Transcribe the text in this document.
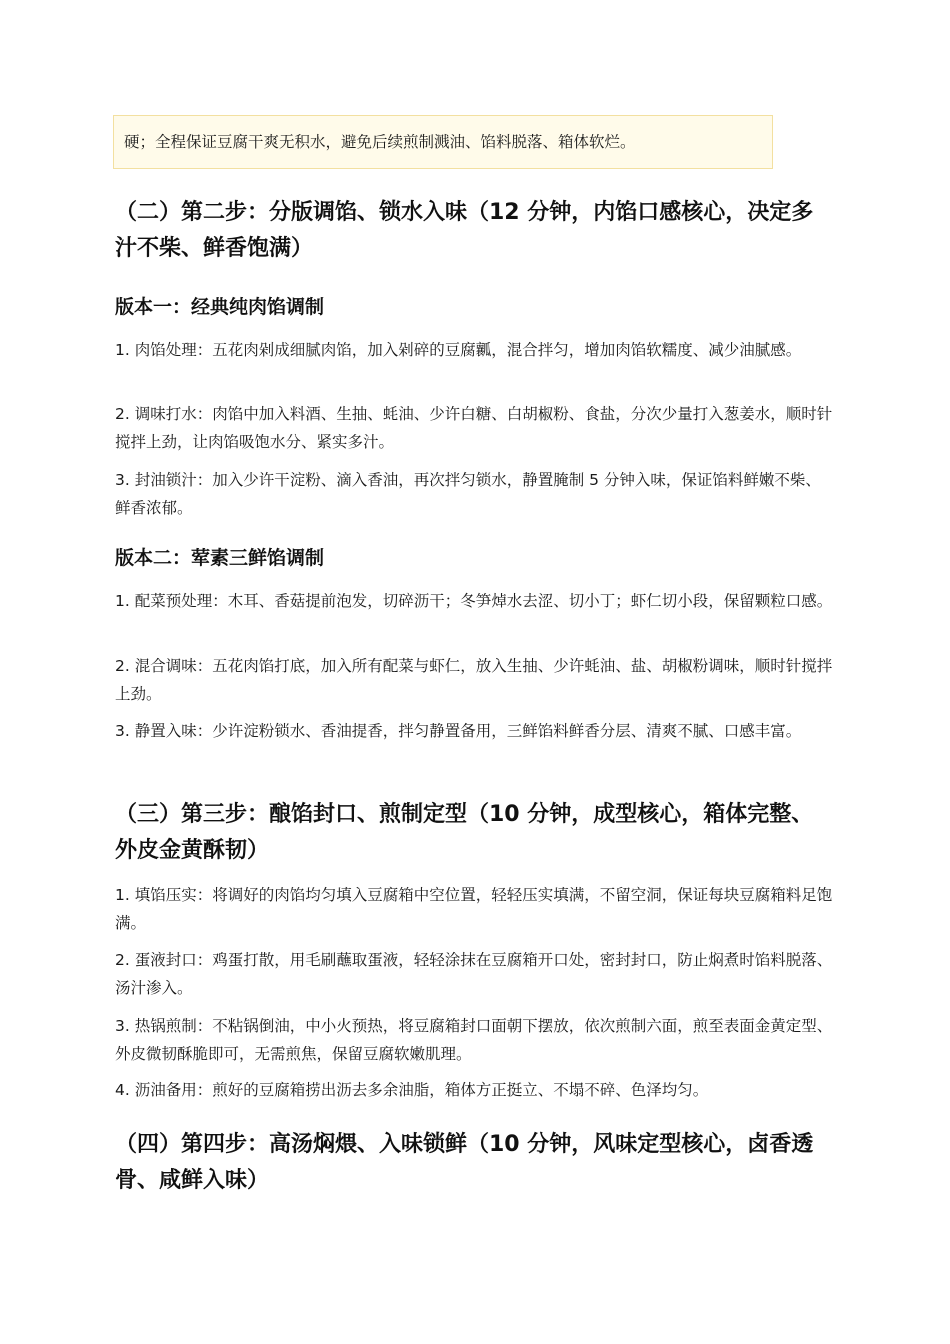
硬；全程保证豆腐干爽无积水，避免后续煎制溅油、馅料脱落、箱体软烂。
（二）第二步：分版调馅、锁水入味（12 分钟，内馅口感核心，决定多汁不柴、鲜香饱满）
版本一：经典纯肉馅调制

1. 肉馅处理：五花肉剁成细腻肉馅，加入剁碎的豆腐瓤，混合拌匀，增加肉馅软糯度、减少油腻感。

2. 调味打水：肉馅中加入料酒、生抽、蚝油、少许白糖、白胡椒粉、食盐，分次少量打入葱姜水，顺时针搅拌上劲，让肉馅吸饱水分、紧实多汁。

3. 封油锁汁：加入少许干淀粉、滴入香油，再次拌匀锁水，静置腌制 5 分钟入味，保证馅料鲜嫩不柴、鲜香浓郁。

版本二：荤素三鲜馅调制

1. 配菜预处理：木耳、香菇提前泡发，切碎沥干；冬笋焯水去涩、切小丁；虾仁切小段，保留颗粒口感。

2. 混合调味：五花肉馅打底，加入所有配菜与虾仁，放入生抽、少许蚝油、盐、胡椒粉调味，顺时针搅拌上劲。

3. 静置入味：少许淀粉锁水、香油提香，拌匀静置备用，三鲜馅料鲜香分层、清爽不腻、口感丰富。

（三）第三步：酿馅封口、煎制定型（10 分钟，成型核心，箱体完整、外皮金黄酥韧）

1. 填馅压实：将调好的肉馅均匀填入豆腐箱中空位置，轻轻压实填满，不留空洞，保证每块豆腐箱料足饱满。

2. 蛋液封口：鸡蛋打散，用毛刷蘸取蛋液，轻轻涂抹在豆腐箱开口处，密封封口，防止焖煮时馅料脱落、汤汁渗入。

3. 热锅煎制：不粘锅倒油，中小火预热，将豆腐箱封口面朝下摆放，依次煎制六面，煎至表面金黄定型、外皮微韧酥脆即可，无需煎焦，保留豆腐软嫩肌理。

4. 沥油备用：煎好的豆腐箱捞出沥去多余油脂，箱体方正挺立、不塌不碎、色泽均匀。

（四）第四步：高汤焖煨、入味锁鲜（10 分钟，风味定型核心，卤香透骨、咸鲜入味）
